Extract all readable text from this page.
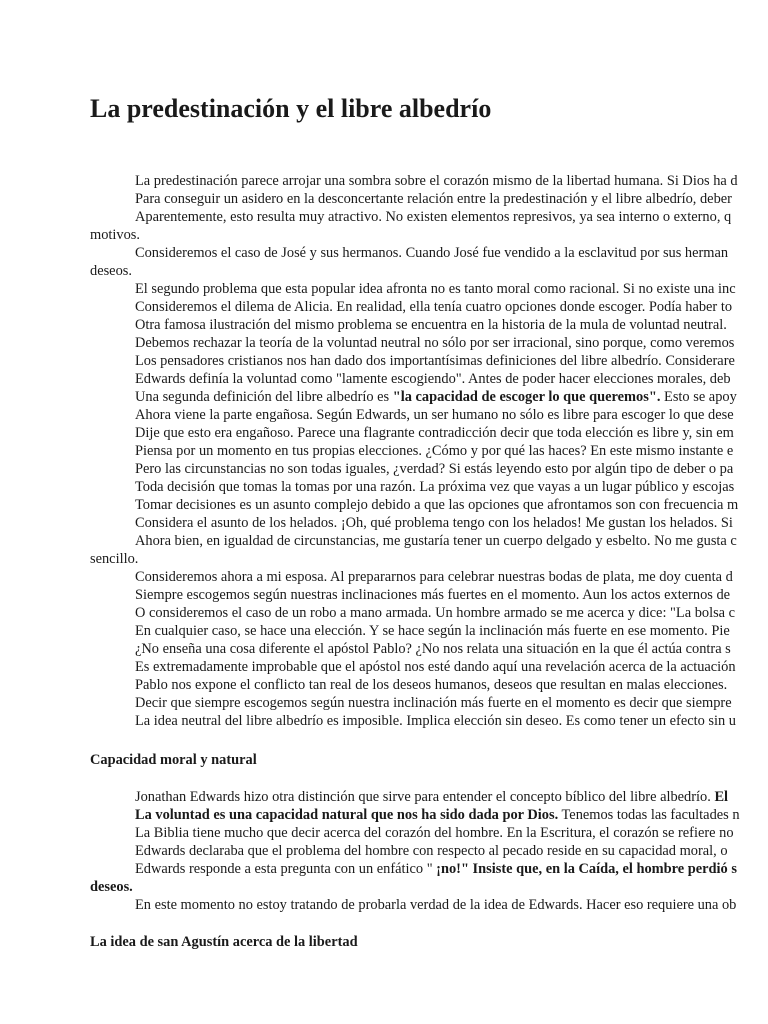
La predestinación y el libre albedrío
La predestinación parece arrojar una sombra sobre el corazón mismo de la libertad humana. Si Dios ha d
Para conseguir un asidero en la desconcertante relación entre la predestinación y el libre albedrío, deber
Aparentemente, esto resulta muy atractivo. No existen elementos represivos, ya sea interno o externo, q
motivos.
Consideremos el caso de José y sus hermanos. Cuando José fue vendido a la esclavitud por sus herman
deseos.
El segundo problema que esta popular idea afronta no es tanto moral como racional. Si no existe una inc
Consideremos el dilema de Alicia. En realidad, ella tenía cuatro opciones donde escoger. Podía haber to
Otra famosa ilustración del mismo problema se encuentra en la historia de la mula de voluntad neutral.
Debemos rechazar la teoría de la voluntad neutral no sólo por ser irracional, sino porque, como veremos
Los pensadores cristianos nos han dado dos importantísimas definiciones del libre albedrío. Considerare
Edwards definía la voluntad como "lamente escogiendo". Antes de poder hacer elecciones morales, deb
Una segunda definición del libre albedrío es "la capacidad de escoger lo que queremos". Esto se apoy
Ahora viene la parte engañosa. Según Edwards, un ser humano no sólo es libre para escoger lo que dese
Dije que esto era engañoso. Parece una flagrante contradicción decir que toda elección es libre y, sin em
Piensa por un momento en tus propias elecciones. ¿Cómo y por qué las haces? En este mismo instante e
Pero las circunstancias no son todas iguales, ¿verdad? Si estás leyendo esto por algún tipo de deber o pa
Toda decisión que tomas la tomas por una razón. La próxima vez que vayas a un lugar público y escojas
Tomar decisiones es un asunto complejo debido a que las opciones que afrontamos son con frecuencia m
Considera el asunto de los helados. ¡Oh, qué problema tengo con los helados! Me gustan los helados. Si
Ahora bien, en igualdad de circunstancias, me gustaría tener un cuerpo delgado y esbelto. No me gusta c
sencillo.
Consideremos ahora a mi esposa. Al prepararnos para celebrar nuestras bodas de plata, me doy cuenta d
Siempre escogemos según nuestras inclinaciones más fuertes en el momento. Aun los actos externos de
O consideremos el caso de un robo a mano armada. Un hombre armado se me acerca y dice: "La bolsa c
En cualquier caso, se hace una elección. Y se hace según la inclinación más fuerte en ese momento. Pie
¿No enseña una cosa diferente el apóstol Pablo? ¿No nos relata una situación en la que él actúa contra s
Es extremadamente improbable que el apóstol nos esté dando aquí una revelación acerca de la actuación
Pablo nos expone el conflicto tan real de los deseos humanos, deseos que resultan en malas elecciones.
Decir que siempre escogemos según nuestra inclinación más fuerte en el momento es decir que siempre
La idea neutral del libre albedrío es imposible. Implica elección sin deseo. Es como tener un efecto sin u
Capacidad moral y natural
Jonathan Edwards hizo otra distinción que sirve para entender el concepto bíblico del libre albedrío. El
La voluntad es una capacidad natural que nos ha sido dada por Dios. Tenemos todas las facultades n
La Biblia tiene mucho que decir acerca del corazón del hombre. En la Escritura, el corazón se refiere no
Edwards declaraba que el problema del hombre con respecto al pecado reside en su capacidad moral, o
Edwards responde a esta pregunta con un enfático " ¡no!" Insiste que, en la Caída, el hombre perdió s
deseos.
En este momento no estoy tratando de probarla verdad de la idea de Edwards. Hacer eso requiere una ob
La idea de san Agustín acerca de la libertad
